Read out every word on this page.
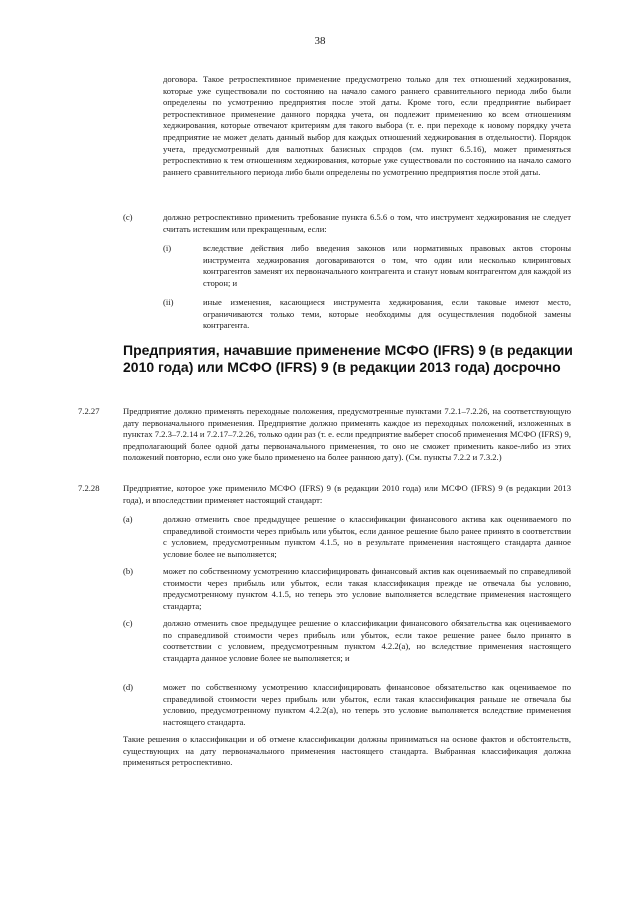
38
договора. Такое ретроспективное применение предусмотрено только для тех отношений хеджирования, которые уже существовали по состоянию на начало самого раннего сравнительного периода либо были определены по усмотрению предприятия после этой даты. Кроме того, если предприятие выбирает ретроспективное применение данного порядка учета, он подлежит применению ко всем отношениям хеджирования, которые отвечают критериям для такого выбора (т. е. при переходе к новому порядку учета предприятие не может делать данный выбор для каждых отношений хеджирования в отдельности). Порядок учета, предусмотренный для валютных базисных спрэдов (см. пункт 6.5.16), может применяться ретроспективно к тем отношениям хеджирования, которые уже существовали по состоянию на начало самого раннего сравнительного периода либо были определены по усмотрению предприятия после этой даты.
(c)	должно ретроспективно применить требование пункта 6.5.6 о том, что инструмент хеджирования не следует считать истекшим или прекращенным, если:
(i)	вследствие действия либо введения законов или нормативных правовых актов стороны инструмента хеджирования договариваются о том, что один или несколько клиринговых контрагентов заменят их первоначального контрагента и станут новым контрагентом для каждой из сторон; и
(ii)	иные изменения, касающиеся инструмента хеджирования, если таковые имеют место, ограничиваются только теми, которые необходимы для осуществления подобной замены контрагента.
Предприятия, начавшие применение МСФО (IFRS) 9 (в редакции 2010 года) или МСФО (IFRS) 9 (в редакции 2013 года) досрочно
7.2.27	Предприятие должно применять переходные положения, предусмотренные пунктами 7.2.1–7.2.26, на соответствующую дату первоначального применения. Предприятие должно применять каждое из переходных положений, изложенных в пунктах 7.2.3–7.2.14 и 7.2.17–7.2.26, только один раз (т. е. если предприятие выберет способ применения МСФО (IFRS) 9, предполагающий более одной даты первоначального применения, то оно не сможет применить какое-либо из этих положений повторно, если оно уже было применено на более раннюю дату). (См. пункты 7.2.2 и 7.3.2.)
7.2.28	Предприятие, которое уже применило МСФО (IFRS) 9 (в редакции 2010 года) или МСФО (IFRS) 9 (в редакции 2013 года), и впоследствии применяет настоящий стандарт:
(a)	должно отменить свое предыдущее решение о классификации финансового актива как оцениваемого по справедливой стоимости через прибыль или убыток, если данное решение было ранее принято в соответствии с условием, предусмотренным пунктом 4.1.5, но в результате применения настоящего стандарта данное условие более не выполняется;
(b)	может по собственному усмотрению классифицировать финансовый актив как оцениваемый по справедливой стоимости через прибыль или убыток, если такая классификация прежде не отвечала бы условию, предусмотренному пунктом 4.1.5, но теперь это условие выполняется вследствие применения настоящего стандарта;
(c)	должно отменить свое предыдущее решение о классификации финансового обязательства как оцениваемого по справедливой стоимости через прибыль или убыток, если такое решение ранее было принято в соответствии с условием, предусмотренным пунктом 4.2.2(a), но вследствие применения настоящего стандарта данное условие более не выполняется; и
(d)	может по собственному усмотрению классифицировать финансовое обязательство как оцениваемое по справедливой стоимости через прибыль или убыток, если такая классификация раньше не отвечала бы условию, предусмотренному пунктом 4.2.2(a), но теперь это условие выполняется вследствие применения настоящего стандарта.
Такие решения о классификации и об отмене классификации должны приниматься на основе фактов и обстоятельств, существующих на дату первоначального применения настоящего стандарта. Выбранная классификация должна применяться ретроспективно.
